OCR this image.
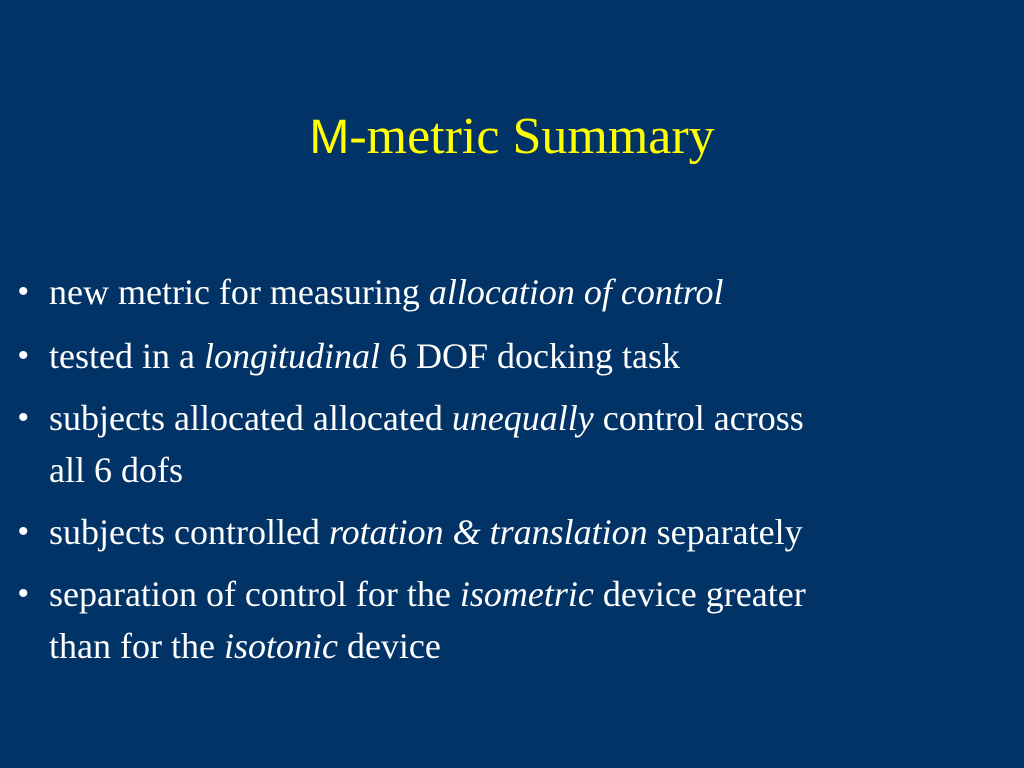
M-metric Summary
• new metric for measuring allocation of control
• tested in a longitudinal 6 DOF docking task
• subjects allocated allocated unequally control across
all 6 dofs
• subjects controlled rotation & translation separately
• separation of control for the isometric device greater
than for the isotonic device
